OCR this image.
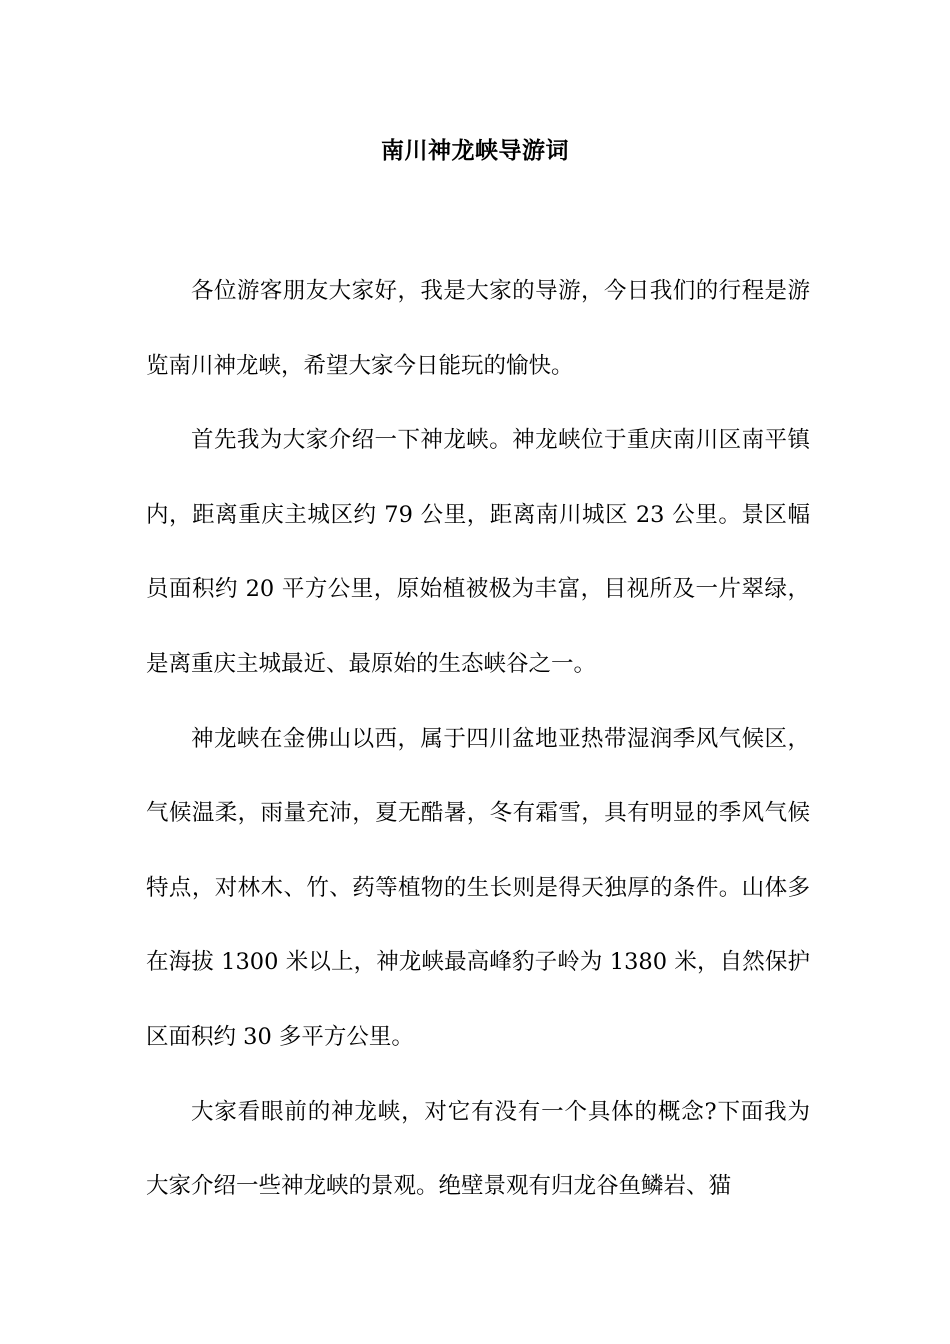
南川神龙峡导游词

各位游客朋友大家好，我是大家的导游，今日我们的行程是游览南川神龙峡，希望大家今日能玩的愉快。

首先我为大家介绍一下神龙峡。神龙峡位于重庆南川区南平镇内，距离重庆主城区约 79 公里，距离南川城区 23 公里。景区幅员面积约 20 平方公里，原始植被极为丰富，目视所及一片翠绿，是离重庆主城最近、最原始的生态峡谷之一。

神龙峡在金佛山以西，属于四川盆地亚热带湿润季风气候区，气候温柔，雨量充沛，夏无酷暑，冬有霜雪，具有明显的季风气候特点，对林木、竹、药等植物的生长则是得天独厚的条件。山体多在海拔 1300 米以上，神龙峡最高峰豹子岭为 1380 米，自然保护区面积约 30 多平方公里。

大家看眼前的神龙峡，对它有没有一个具体的概念?下面我为大家介绍一些神龙峡的景观。绝壁景观有归龙谷鱼鳞岩、猫
